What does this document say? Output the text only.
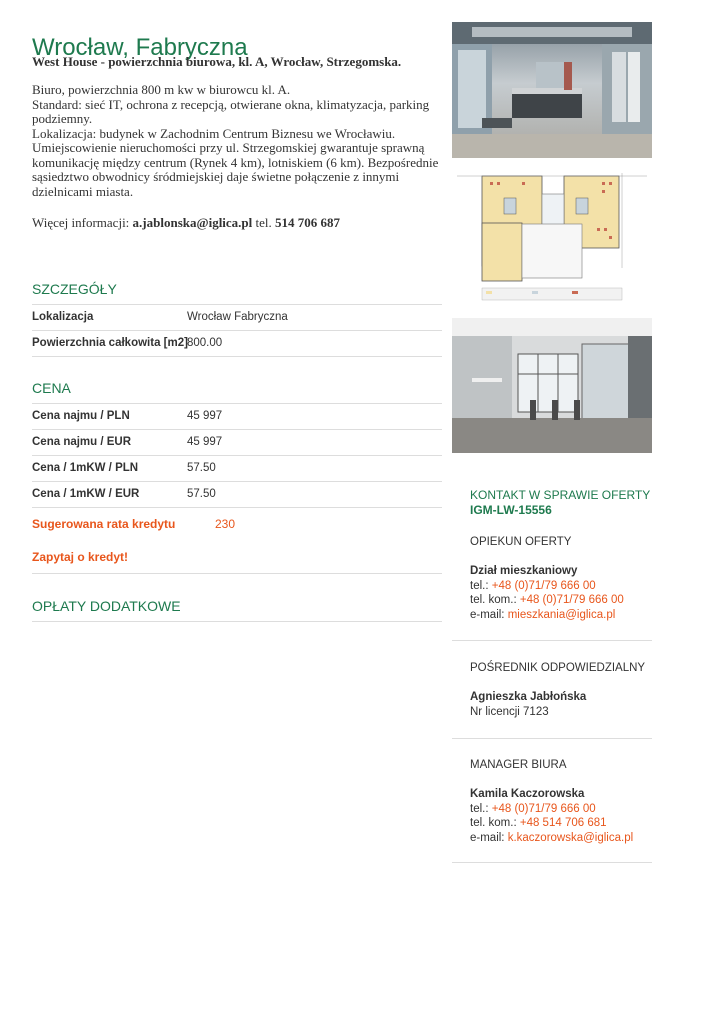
Wrocław, Fabryczna
West House - powierzchnia biurowa, kl. A, Wrocław, Strzegomska.

Biuro, powierzchnia 800 m kw w biurowcu kl. A.

Standard: sieć IT, ochrona z recepcją, otwierane okna, klimatyzacja, parking podziemny.

Lokalizacja: budynek w Zachodnim Centrum Biznesu we Wrocławiu. Umiejscowienie nieruchomości przy ul. Strzegomskiej gwarantuje sprawną komunikację między centrum (Rynek 4 km), lotniskiem (6 km). Bezpośrednie sąsiedztwo obwodnicy śródmiejskiej daje świetne połączenie z innymi dzielnicami miasta.

Więcej informacji: a.jablonska@iglica.pl tel. 514 706 687
SZCZEGÓŁY
Lokalizacja	Wrocław Fabryczna
Powierzchnia całkowita [m2] 800.00
CENA
Cena najmu / PLN	45 997
Cena najmu / EUR	45 997
Cena / 1mKW / PLN	57.50
Cena / 1mKW / EUR	57.50
Sugerowana rata kredytu	230
Zapytaj o kredyt!
OPŁATY DODATKOWE
KONTAKT W SPRAWIE OFERTY
IGM-LW-15556
OPIEKUN OFERTY
Dział mieszkaniowy
tel.: +48 (0)71/79 666 00
tel. kom.: +48 (0)71/79 666 00
e-mail: mieszkania@iglica.pl
POŚREDNIK ODPOWIEDZIALNY
Agnieszka Jabłońska
Nr licencji 7123
MANAGER BIURA
Kamila Kaczorowska
tel.: +48 (0)71/79 666 00
tel. kom.: +48 514 706 681
e-mail: k.kaczorowska@iglica.pl
